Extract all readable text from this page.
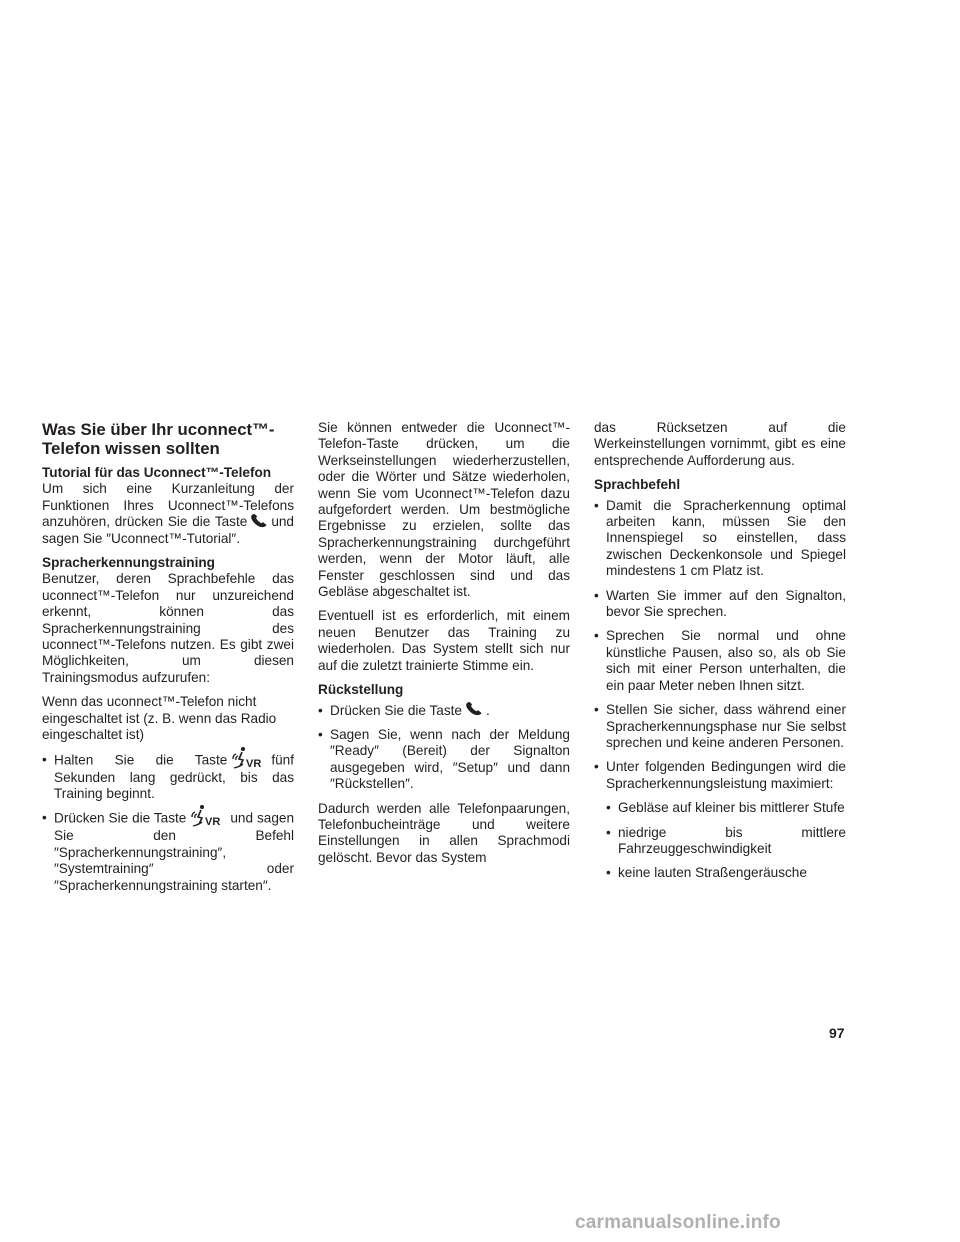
Was Sie über Ihr uconnect™-Telefon wissen sollten
Tutorial für das Uconnect™-Telefon

Um sich eine Kurzanleitung der Funktionen Ihres Uconnect™-Telefons anzuhören, drücken Sie die Taste und sagen Sie ″Uconnect™-Tutorial″.

Spracherkennungstraining

Benutzer, deren Sprachbefehle das uconnect™-Telefon nur unzureichend erkennt, können das Spracherkennungstraining des uconnect™-Telefons nutzen. Es gibt zwei Möglichkeiten, um diesen Trainingsmodus aufzurufen:

Wenn das uconnect™-Telefon nicht eingeschaltet ist (z. B. wenn das Radio eingeschaltet ist)

• Halten Sie die Taste VR fünf Sekunden lang gedrückt, bis das Training beginnt.
• Drücken Sie die Taste VR und sagen Sie den Befehl ″Spracherkennungstraining″, ″Systemtraining″ oder ″Spracherkennungstraining starten″.

Sie können entweder die Uconnect™-Telefon-Taste drücken, um die Werkseinstellungen wiederherzustellen, oder die Wörter und Sätze wiederholen, wenn Sie vom Uconnect™-Telefon dazu aufgefordert werden. Um bestmögliche Ergebnisse zu erzielen, sollte das Spracherkennungstraining durchgeführt werden, wenn der Motor läuft, alle Fenster geschlossen sind und das Gebläse abgeschaltet ist.

Eventuell ist es erforderlich, mit einem neuen Benutzer das Training zu wiederholen. Das System stellt sich nur auf die zuletzt trainierte Stimme ein.

Rückstellung
• Drücken Sie die Taste .
• Sagen Sie, wenn nach der Meldung ″Ready″ (Bereit) der Signalton ausgegeben wird, ″Setup″ und dann ″Rückstellen″.

Dadurch werden alle Telefonpaarungen, Telefonbucheinträge und weitere Einstellungen in allen Sprachmodi gelöscht. Bevor das System

das Rücksetzen auf die Werkeinstellungen vornimmt, gibt es eine entsprechende Aufforderung aus.

Sprachbefehl
• Damit die Spracherkennung optimal arbeiten kann, müssen Sie den Innenspiegel so einstellen, dass zwischen Deckenkonsole und Spiegel mindestens 1 cm Platz ist.
• Warten Sie immer auf den Signalton, bevor Sie sprechen.
• Sprechen Sie normal und ohne künstliche Pausen, also so, als ob Sie sich mit einer Person unterhalten, die ein paar Meter neben Ihnen sitzt.
• Stellen Sie sicher, dass während einer Spracherkennungsphase nur Sie selbst sprechen und keine anderen Personen.
• Unter folgenden Bedingungen wird die Spracherkennungsleistung maximiert:
• Gebläse auf kleiner bis mittlerer Stufe
• niedrige bis mittlere Fahrzeuggeschwindigkeit
• keine lauten Straßengeräusche
97
carmanualsonline.info
